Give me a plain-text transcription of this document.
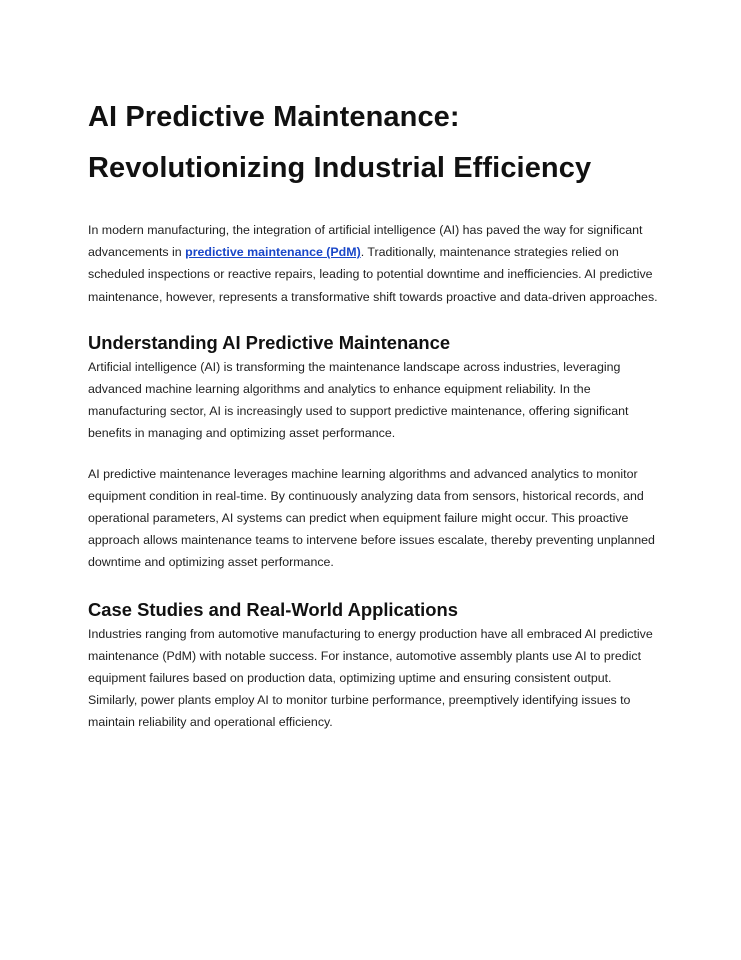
AI Predictive Maintenance:
Revolutionizing Industrial Efficiency

In modern manufacturing, the integration of artificial intelligence (AI) has paved the way for significant advancements in predictive maintenance (PdM). Traditionally, maintenance strategies relied on scheduled inspections or reactive repairs, leading to potential downtime and inefficiencies. AI predictive maintenance, however, represents a transformative shift towards proactive and data-driven approaches.

Understanding AI Predictive Maintenance

Artificial intelligence (AI) is transforming the maintenance landscape across industries, leveraging advanced machine learning algorithms and analytics to enhance equipment reliability. In the manufacturing sector, AI is increasingly used to support predictive maintenance, offering significant benefits in managing and optimizing asset performance.

AI predictive maintenance leverages machine learning algorithms and advanced analytics to monitor equipment condition in real-time. By continuously analyzing data from sensors, historical records, and operational parameters, AI systems can predict when equipment failure might occur. This proactive approach allows maintenance teams to intervene before issues escalate, thereby preventing unplanned downtime and optimizing asset performance.

Case Studies and Real-World Applications

Industries ranging from automotive manufacturing to energy production have all embraced AI predictive maintenance (PdM) with notable success. For instance, automotive assembly plants use AI to predict equipment failures based on production data, optimizing uptime and ensuring consistent output. Similarly, power plants employ AI to monitor turbine performance, preemptively identifying issues to maintain reliability and operational efficiency.
